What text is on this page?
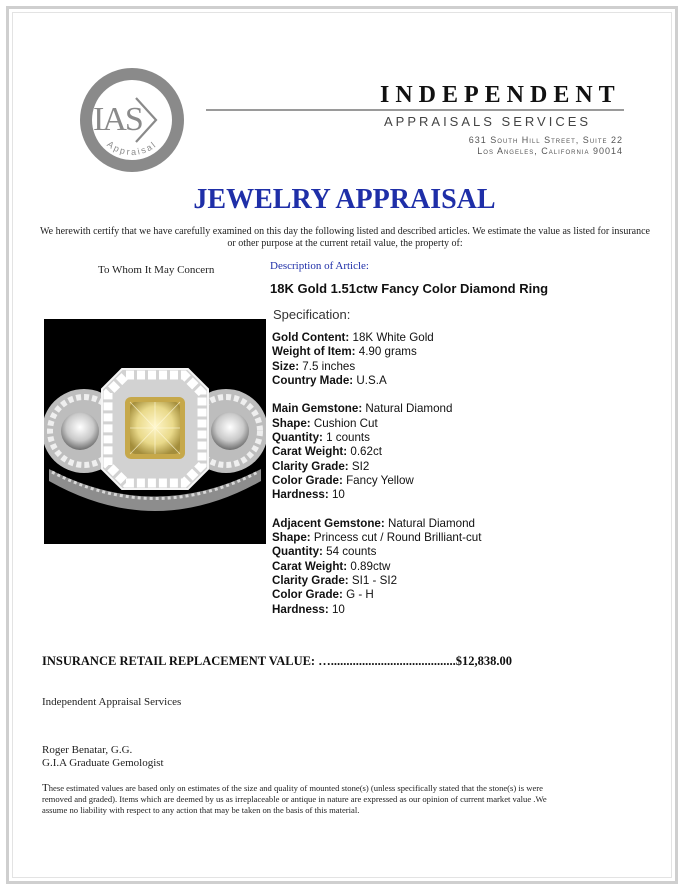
IAS
Appraisal
INDEPENDENT
APPRAISALS SERVICES
631 South Hill Street, Suite 22
Los Angeles, California 90014
JEWELRY APPRAISAL
We herewith certify that we have carefully examined on this day the following listed and described articles. We estimate the value as listed for insurance or other purpose at the current retail value, the property of:
To Whom It May Concern	Description of Article:
18K Gold 1.51ctw Fancy Color Diamond Ring
Specification:
Gold Content: 18K White Gold
Weight of Item: 4.90 grams
Size: 7.5 inches
Country Made: U.S.A
Main Gemstone: Natural Diamond
Shape: Cushion Cut
Quantity: 1 counts
Carat Weight: 0.62ct
Clarity Grade: SI2
Color Grade: Fancy Yellow
Hardness: 10
Adjacent Gemstone: Natural Diamond
Shape: Princess cut / Round Brilliant-cut
Quantity: 54 counts
Carat Weight: 0.89ctw
Clarity Grade: SI1 - SI2
Color Grade: G - H
Hardness: 10
INSURANCE RETAIL REPLACEMENT VALUE: …........................................$12,838.00
Independent Appraisal Services
Roger Benatar, G.G.
G.I.A Graduate Gemologist
These estimated values are based only on estimates of the size and quality of mounted stone(s) (unless specifically stated that the stone(s) is were removed and graded). Items which are deemed by us as irreplaceable or antique in nature are expressed as our opinion of current market value .We assume no liability with respect to any action that may be taken on the basis of this material.
